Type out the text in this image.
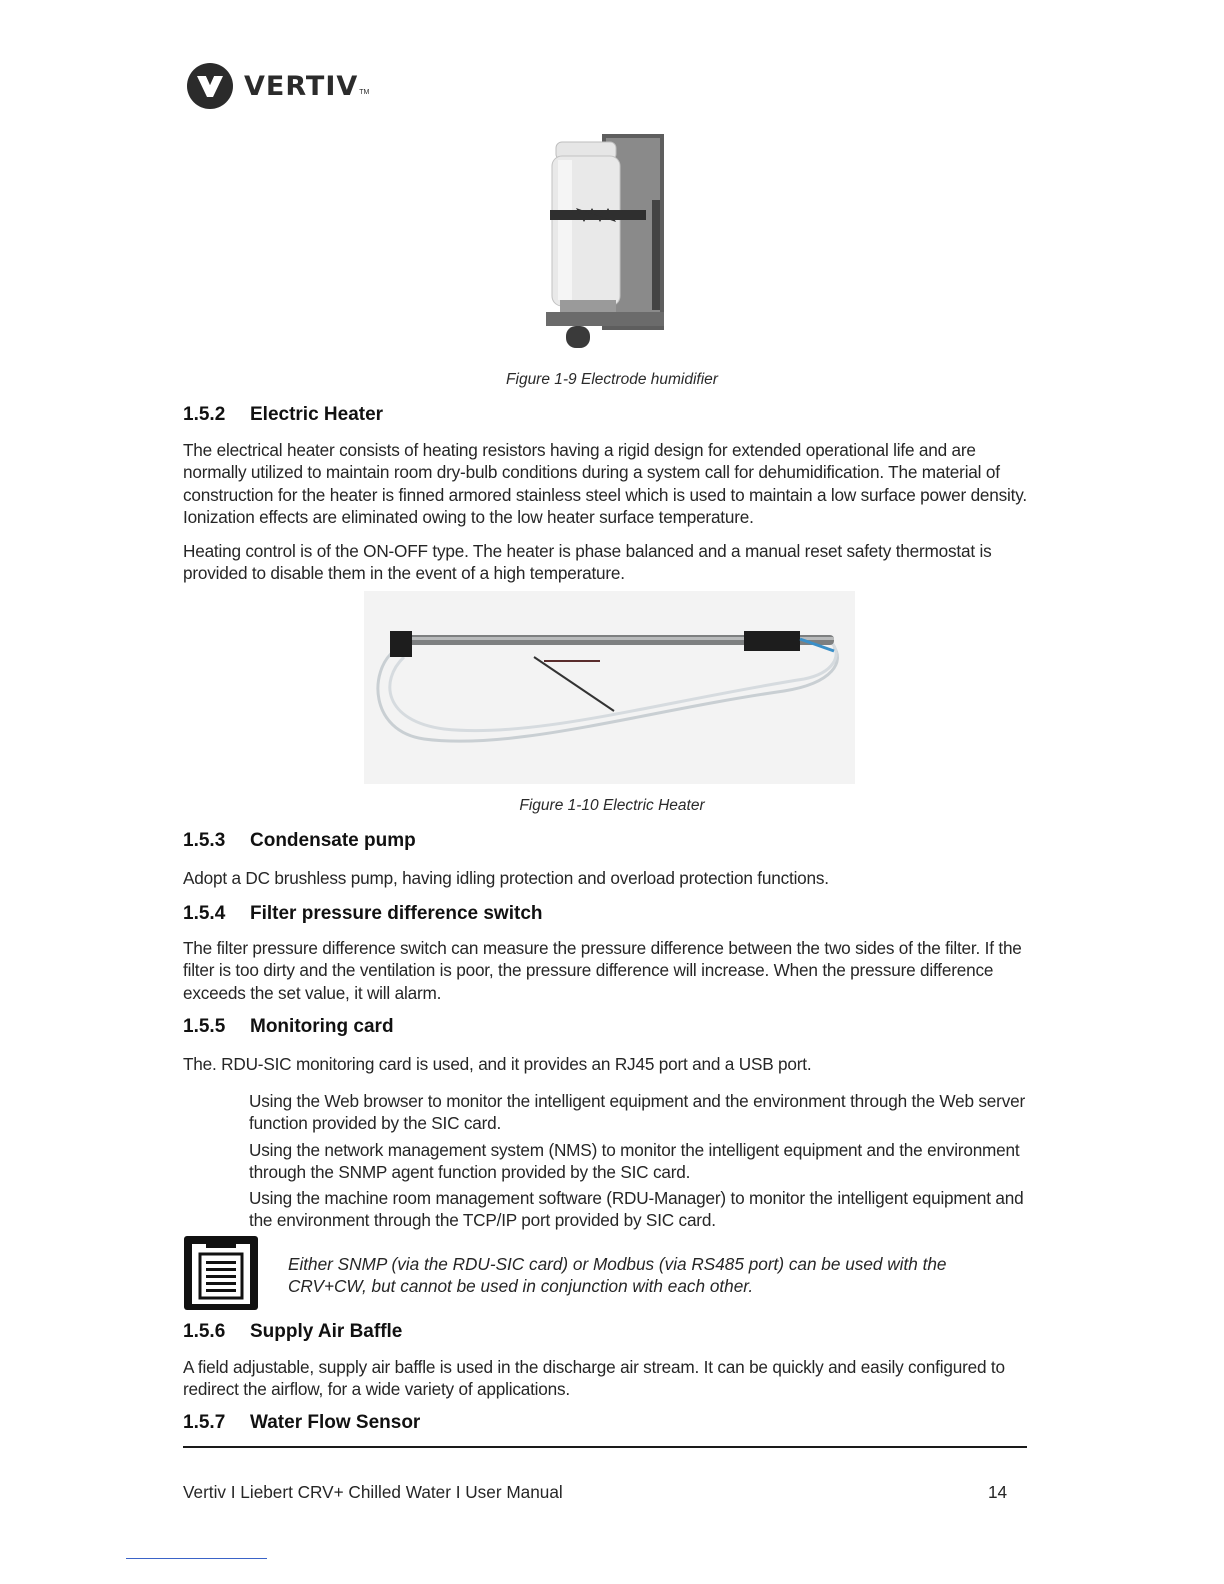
VERTIV TM
Figure 1-9 Electrode humidifier
1.5.2	Electric Heater
The electrical heater consists of heating resistors having a rigid design for extended operational life and are normally utilized to maintain room dry-bulb conditions during a system call for dehumidification. The material of construction for the heater is finned armored stainless steel which is used to maintain a low surface power density. Ionization effects are eliminated owing to the low heater surface temperature.
Heating control is of the ON-OFF type. The heater is phase balanced and a manual reset safety thermostat is provided to disable them in the event of a high temperature.
Figure 1-10 Electric Heater
1.5.3	Condensate pump
Adopt a DC brushless pump, having idling protection and overload protection functions.
1.5.4	Filter pressure difference switch
The filter pressure difference switch can measure the pressure difference between the two sides of the filter. If the filter is too dirty and the ventilation is poor, the pressure difference will increase. When the pressure difference exceeds the set value, it will alarm.
1.5.5	Monitoring card
The. RDU-SIC monitoring card is used, and it provides an RJ45 port and a USB port.
Using the Web browser to monitor the intelligent equipment and the environment through the Web server function provided by the SIC card.
Using the network management system (NMS) to monitor the intelligent equipment and the environment through the SNMP agent function provided by the SIC card.
Using the machine room management software (RDU-Manager) to monitor the intelligent equipment and the environment through the TCP/IP port provided by SIC card.
Either SNMP (via the RDU-SIC card) or Modbus (via RS485 port) can be used with the CRV+CW, but cannot be used in conjunction with each other.
1.5.6	Supply Air Baffle
A field adjustable, supply air baffle is used in the discharge air stream. It can be quickly and easily configured to redirect the airflow, for a wide variety of applications.
1.5.7	Water Flow Sensor
Vertiv I Liebert CRV+ Chilled Water I User Manual	14
